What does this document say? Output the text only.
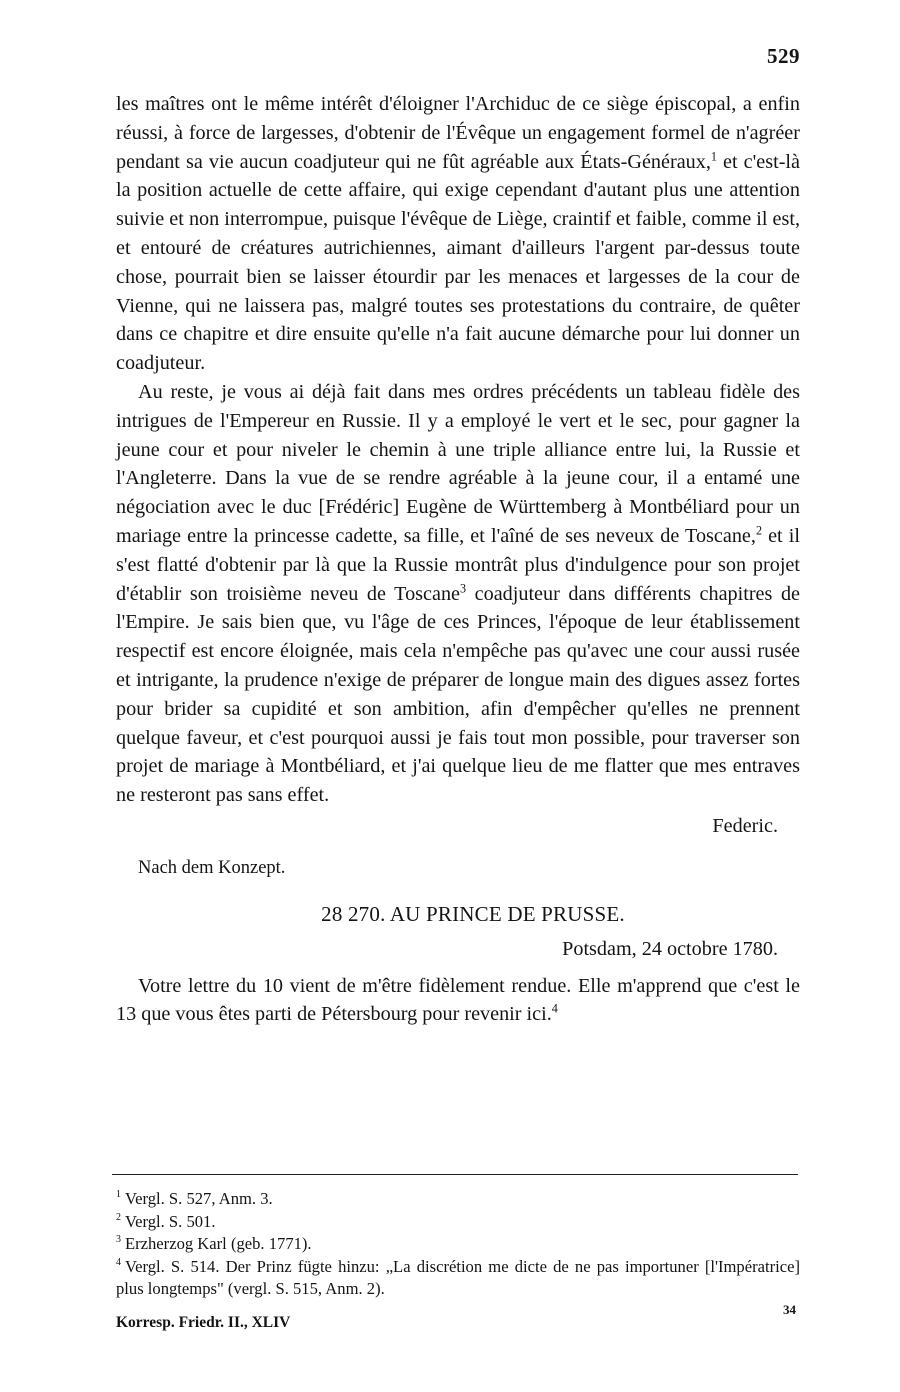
529

les maîtres ont le même intérêt d'éloigner l'Archiduc de ce siège épiscopal, a enfin réussi, à force de largesses, d'obtenir de l'Évêque un engagement formel de n'agréer pendant sa vie aucun coadjuteur qui ne fût agréable aux États-Généraux,$^1$ et c'est-là la position actuelle de cette affaire, qui exige cependant d'autant plus une attention suivie et non interrompue, puisque l'évêque de Liège, craintif et faible, comme il est, et entouré de créatures autrichiennes, aimant d'ailleurs l'argent par-dessus toute chose, pourrait bien se laisser étourdir par les menaces et largesses de la cour de Vienne, qui ne laissera pas, malgré toutes ses protestations du contraire, de quêter dans ce chapitre et dire ensuite qu'elle n'a fait aucune démarche pour lui donner un coadjuteur.

Au reste, je vous ai déjà fait dans mes ordres précédents un tableau fidèle des intrigues de l'Empereur en Russie. Il y a employé le vert et le sec, pour gagner la jeune cour et pour niveler le chemin à une triple alliance entre lui, la Russie et l'Angleterre. Dans la vue de se rendre agréable à la jeune cour, il a entamé une négociation avec le duc [Frédéric] Eugène de Württemberg à Montbéliard pour un mariage entre la princesse cadette, sa fille, et l'aîné de ses neveux de Toscane,$^2$ et il s'est flatté d'obtenir par là que la Russie montrât plus d'indulgence pour son projet d'établir son troisième neveu de Toscane$^3$ coadjuteur dans différents chapitres de l'Empire. Je sais bien que, vu l'âge de ces Princes, l'époque de leur établissement respectif est encore éloignée, mais cela n'empêche pas qu'avec une cour aussi rusée et intrigante, la prudence n'exige de préparer de longue main des digues assez fortes pour brider sa cupidité et son ambition, afin d'empêcher qu'elles ne prennent quelque faveur, et c'est pourquoi aussi je fais tout mon possible, pour traverser son projet de mariage à Montbéliard, et j'ai quelque lieu de me flatter que mes entraves ne resteront pas sans effet.

Federic.

Nach dem Konzept.

28 270. AU PRINCE DE PRUSSE.

Potsdam, 24 octobre 1780.

Votre lettre du 10 vient de m'être fidèlement rendue. Elle m'apprend que c'est le 13 que vous êtes parti de Pétersbourg pour revenir ici.$^4$

$^1$ Vergl. S. 527, Anm. 3.

$^2$ Vergl. S. 501.

$^3$ Erzherzog Karl (geb. 1771).

$^4$ Vergl. S. 514. Der Prinz fügte hinzu: „La discrétion me dicte de ne pas importuner [l'Impératrice] plus longtemps" (vergl. S. 515, Anm. 2).

Korresp. Friedr. II., XLIV
34
